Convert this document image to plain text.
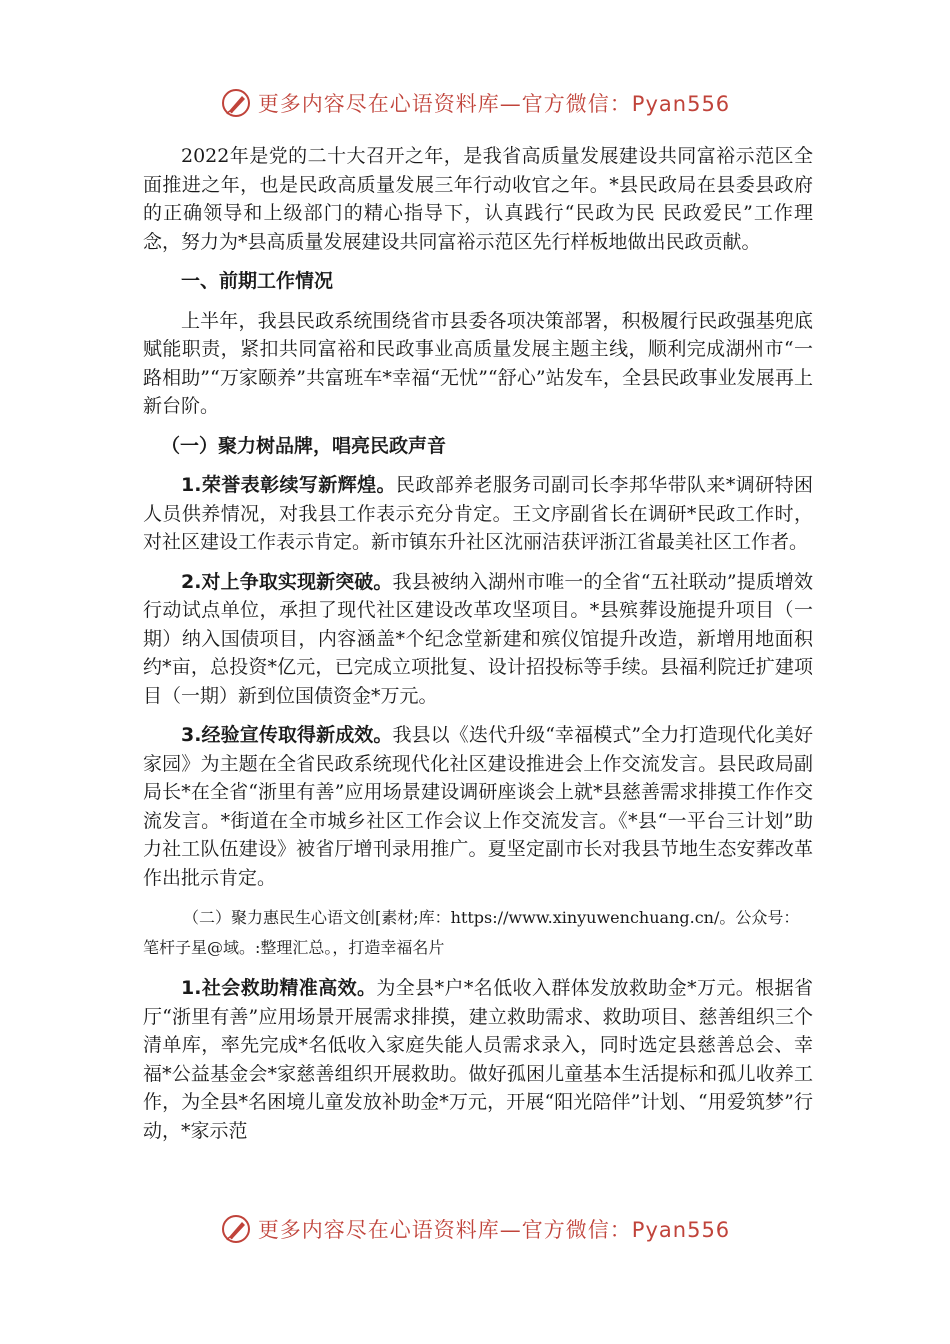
更多内容尽在心语资料库—官方微信：Pyan556

2022年是党的二十大召开之年，是我省高质量发展建设共同富裕示范区全面推进之年，也是民政高质量发展三年行动收官之年。*县民政局在县委县政府的正确领导和上级部门的精心指导下，认真践行“民政为民 民政爱民”工作理念，努力为*县高质量发展建设共同富裕示范区先行样板地做出民政贡献。

一、前期工作情况

上半年，我县民政系统围绕省市县委各项决策部署，积极履行民政强基兜底赋能职责，紧扣共同富裕和民政事业高质量发展主题主线，顺利完成湖州市“一路相助”“万家颐养”共富班车*幸福“无忧”“舒心”站发车，全县民政事业发展再上新台阶。

（一）聚力树品牌，唱亮民政声音

1.荣誉表彰续写新辉煌。民政部养老服务司副司长李邦华带队来*调研特困人员供养情况，对我县工作表示充分肯定。王文序副省长在调研*民政工作时，对社区建设工作表示肯定。新市镇东升社区沈丽洁获评浙江省最美社区工作者。

2.对上争取实现新突破。我县被纳入湖州市唯一的全省“五社联动”提质增效行动试点单位，承担了现代社区建设改革攻坚项目。*县殡葬设施提升项目（一期）纳入国债项目，内容涵盖*个纪念堂新建和殡仪馆提升改造，新增用地面积约*亩，总投资*亿元，已完成立项批复、设计招投标等手续。县福利院迁扩建项目（一期）新到位国债资金*万元。

3.经验宣传取得新成效。我县以《迭代升级“幸福模式”全力打造现代化美好家园》为主题在全省民政系统现代化社区建设推进会上作交流发言。县民政局副局长*在全省“浙里有善”应用场景建设调研座谈会上就*县慈善需求排摸工作作交流发言。*街道在全市城乡社区工作会议上作交流发言。《*县“一平台三计划”助力社工队伍建设》被省厅增刊录用推广。夏坚定副市长对我县节地生态安葬改革作出批示肯定。

（二）聚力惠民生心语文创[素材;库：https://www.xinyuwenchuang.cn/。公众号：笔杆子星@域。:整理汇总。，打造幸福名片

1.社会救助精准高效。为全县*户*名低收入群体发放救助金*万元。根据省厅“浙里有善”应用场景开展需求排摸，建立救助需求、救助项目、慈善组织三个清单库，率先完成*名低收入家庭失能人员需求录入，同时选定县慈善总会、幸福*公益基金会*家慈善组织开展救助。做好孤困儿童基本生活提标和孤儿收养工作，为全县*名困境儿童发放补助金*万元，开展“阳光陪伴”计划、“用爱筑梦”行动，*家示范

更多内容尽在心语资料库—官方微信：Pyan556
